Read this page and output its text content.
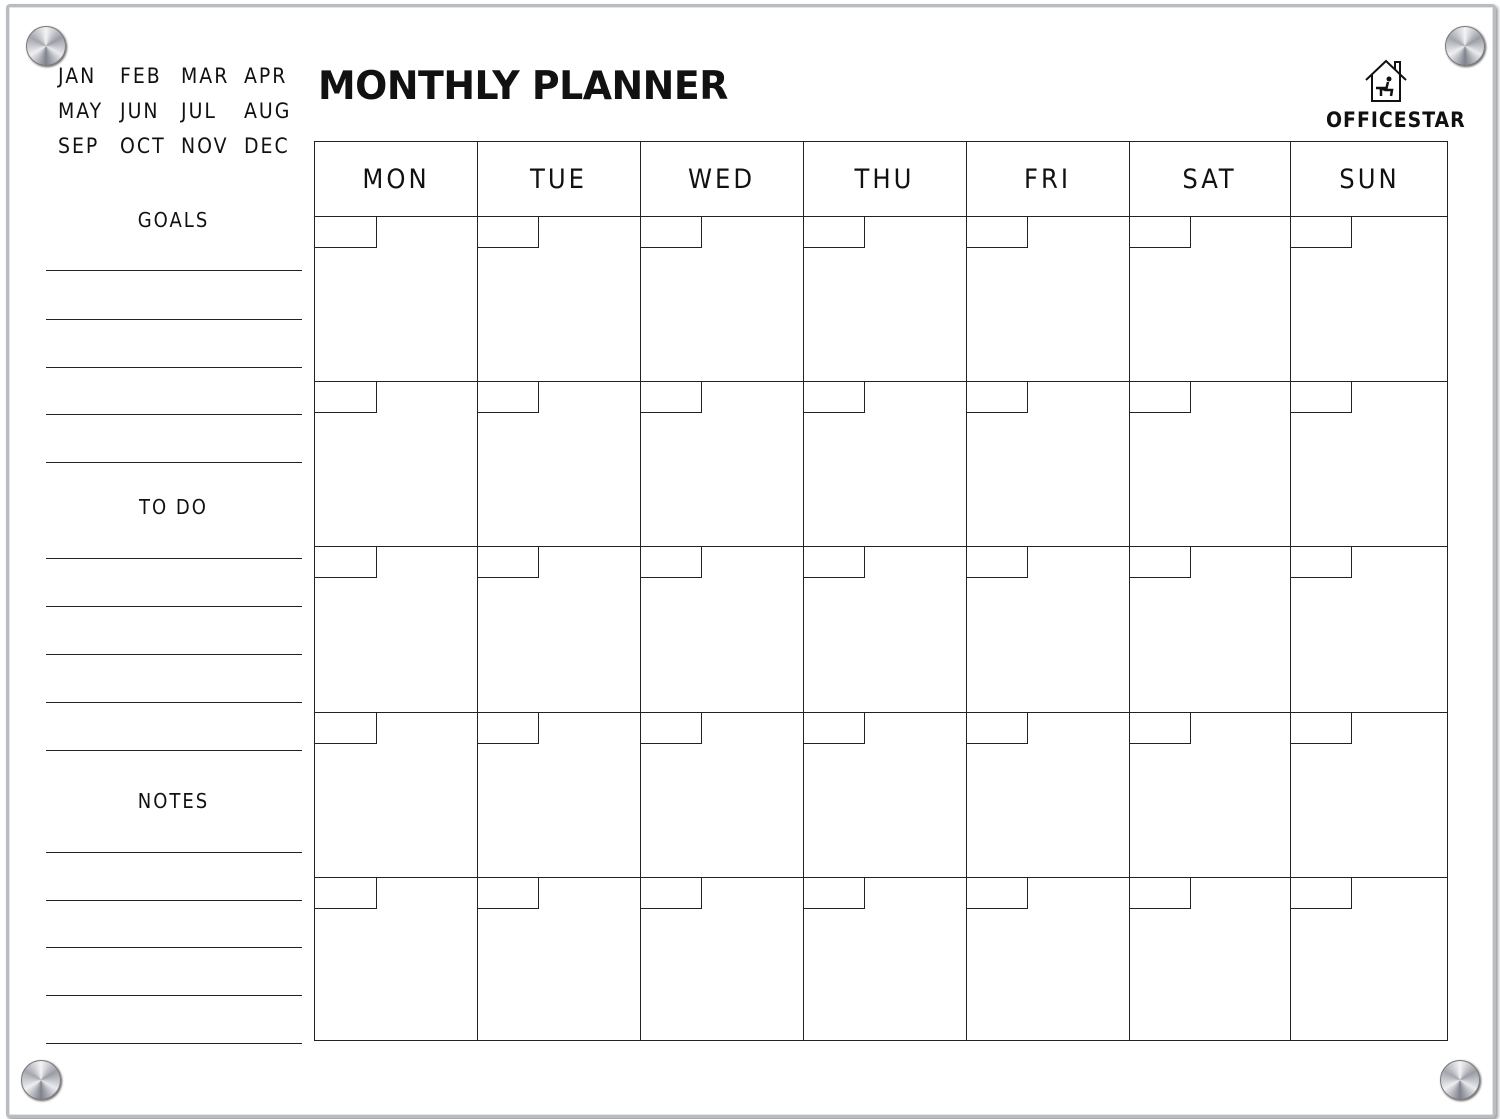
JAN	FEB MAR APR
MAY JUN	JUL	AUG
SEP OCT NOV DEC
MONTHLY PLANNER
OFFICESTAR
GOALS
TO DO
NOTES
MON	TUE	WED	THU	FRI	SAT	SUN
